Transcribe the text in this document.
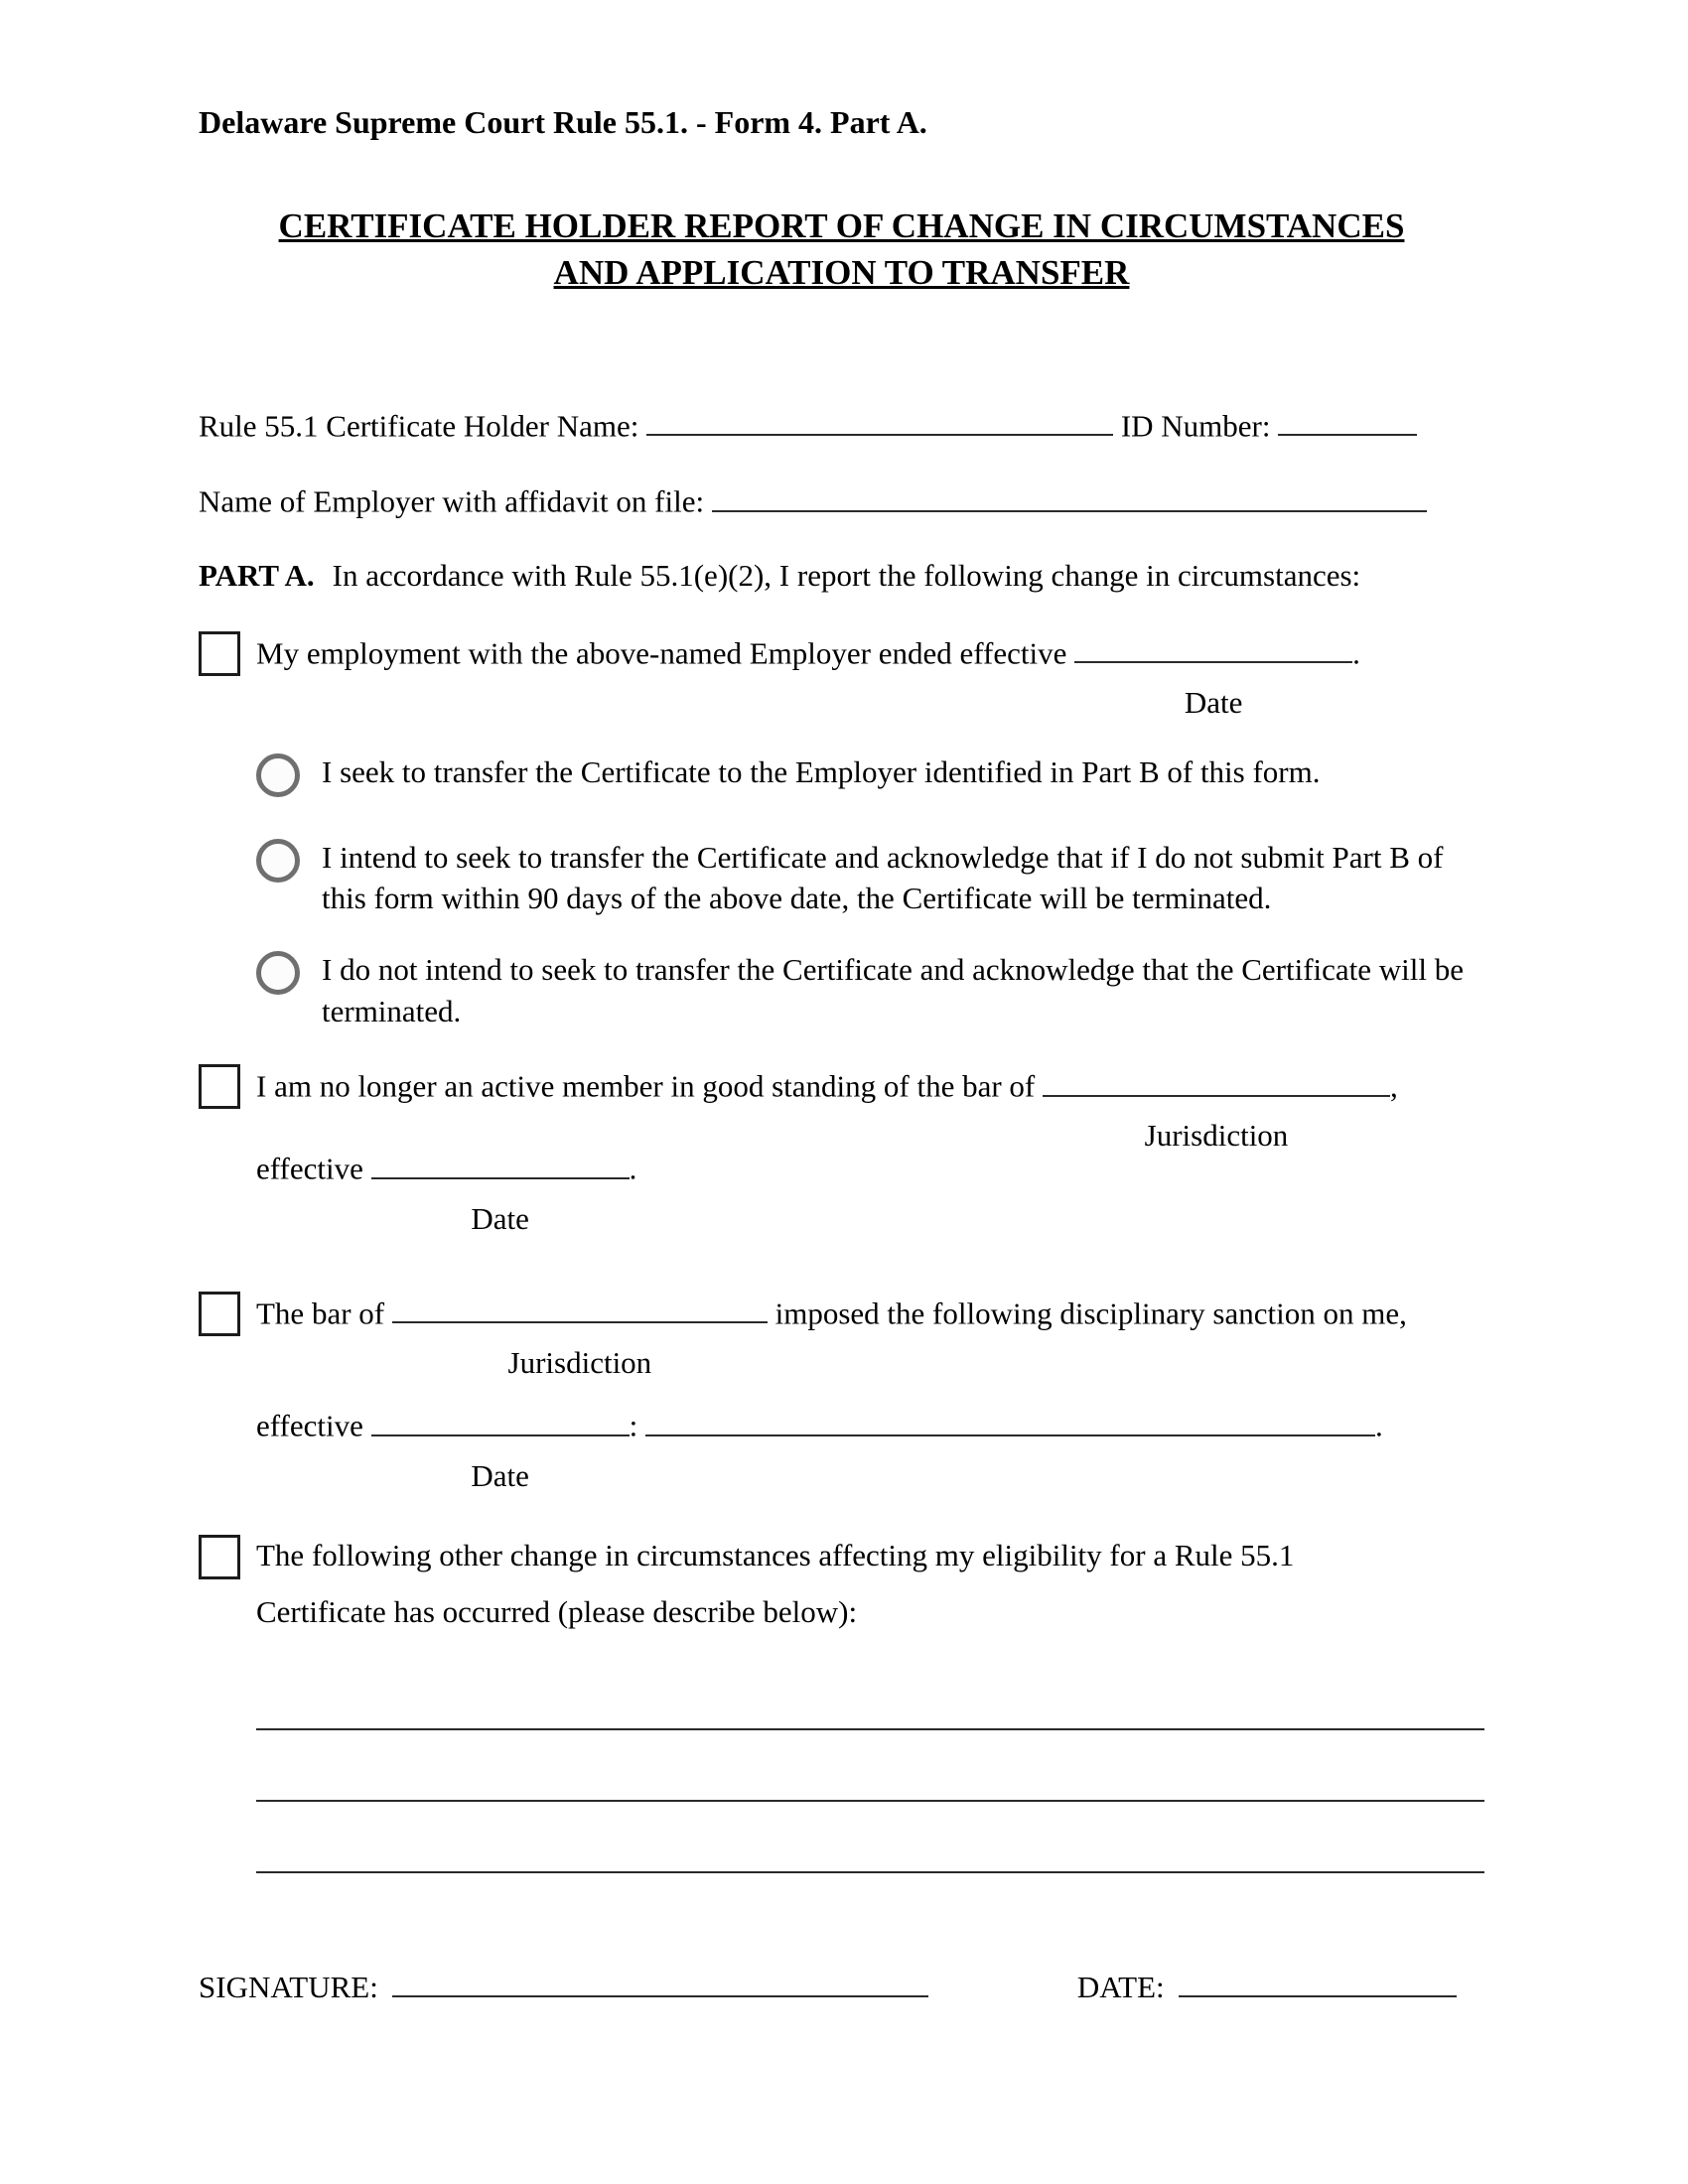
Delaware Supreme Court Rule 55.1. - Form 4. Part A.
CERTIFICATE HOLDER REPORT OF CHANGE IN CIRCUMSTANCES
AND APPLICATION TO TRANSFER
Rule 55.1 Certificate Holder Name:	ID Number:
Name of Employer with affidavit on file:
PART A. In accordance with Rule 55.1(e)(2), I report the following change in circumstances:
My employment with the above-named Employer ended effective
Date
.
I seek to transfer the Certificate to the Employer identified in Part B of this form.
I intend to seek to transfer the Certificate and acknowledge that if I do not submit Part B of this form within 90 days of the above date, the Certificate will be terminated.
I do not intend to seek to transfer the Certificate and acknowledge that the Certificate will be terminated.
I am no longer an active member in good standing of the bar of
Jurisdiction
,
effective
Date
.
The bar of
Jurisdiction
imposed the following disciplinary sanction on me,
effective
Date
:	.
The following other change in circumstances affecting my eligibility for a Rule 55.1
Certificate has occurred (please describe below):
SIGNATURE:	DATE:
